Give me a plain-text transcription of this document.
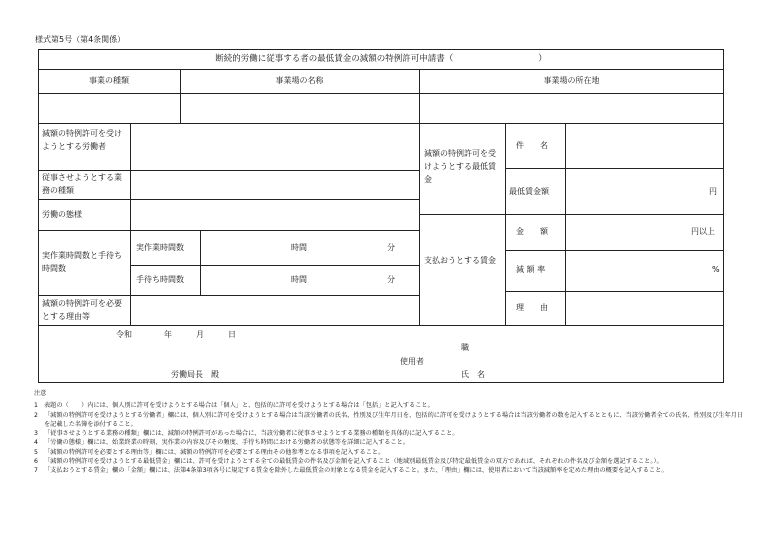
様式第5号（第4条関係）
断続的労働に従事する者の最低賃金の減額の特例許可申請書（　　　　　　　　　　）
事業の種類	事業場の名称	事業場の所在地
減額の特例許可を受けようとする労働者
従事させようとする業務の種類
労働の態様
実作業時間数と手待ち時間数
減額の特例許可を必要とする理由等
実作業時間数	時間	分
手待ち時間数	時間	分
減額の特例許可を受けようとする最低賃金
件　　名
最低賃金額	円
支払おうとする賃金
金　　額	円以上
減 額 率	%
理　　由
令和　　　　年　　　月　　　日
職
使用者
労働局長　殿	氏　名
注意
1 表題の（　　）内には、個人別に許可を受けようとする場合は「個人」と、包括的に許可を受けようとする場合は「包括」と記入すること。
2 「減額の特例許可を受けようとする労働者」欄には、個人別に許可を受けようとする場合は当該労働者の氏名、性別及び生年月日を、包括的に許可を受けようとする場合は当該労働者の数を記入するとともに、当該労働者全ての氏名、性別及び生年月日を記載した名簿を添付すること。
3 「従事させようとする業務の種類」欄には、減額の特例許可があった場合に、当該労働者に従事させようとする業務の種類を具体的に記入すること。
4 「労働の態様」欄には、始業終業の時刻、実作業の内容及びその頻度、手待ち時間における労働者の状態等を詳細に記入すること。
5 「減額の特例許可を必要とする理由等」欄には、減額の特例許可を必要とする理由その他参考となる事項を記入すること。
6 「減額の特例許可を受けようとする最低賃金」欄には、許可を受けようとする全ての最低賃金の件名及び金額を記入すること（地域別最低賃金及び特定最低賃金の双方であれば、それぞれの件名及び金額を選記すること。）。
7 「支払おうとする賃金」欄の「金額」欄には、法第4条第3項各号に規定する賃金を除外した最低賃金の対象となる賃金を記入すること。また、「理由」欄には、使用者において当該減額率を定めた理由の概要を記入すること。
